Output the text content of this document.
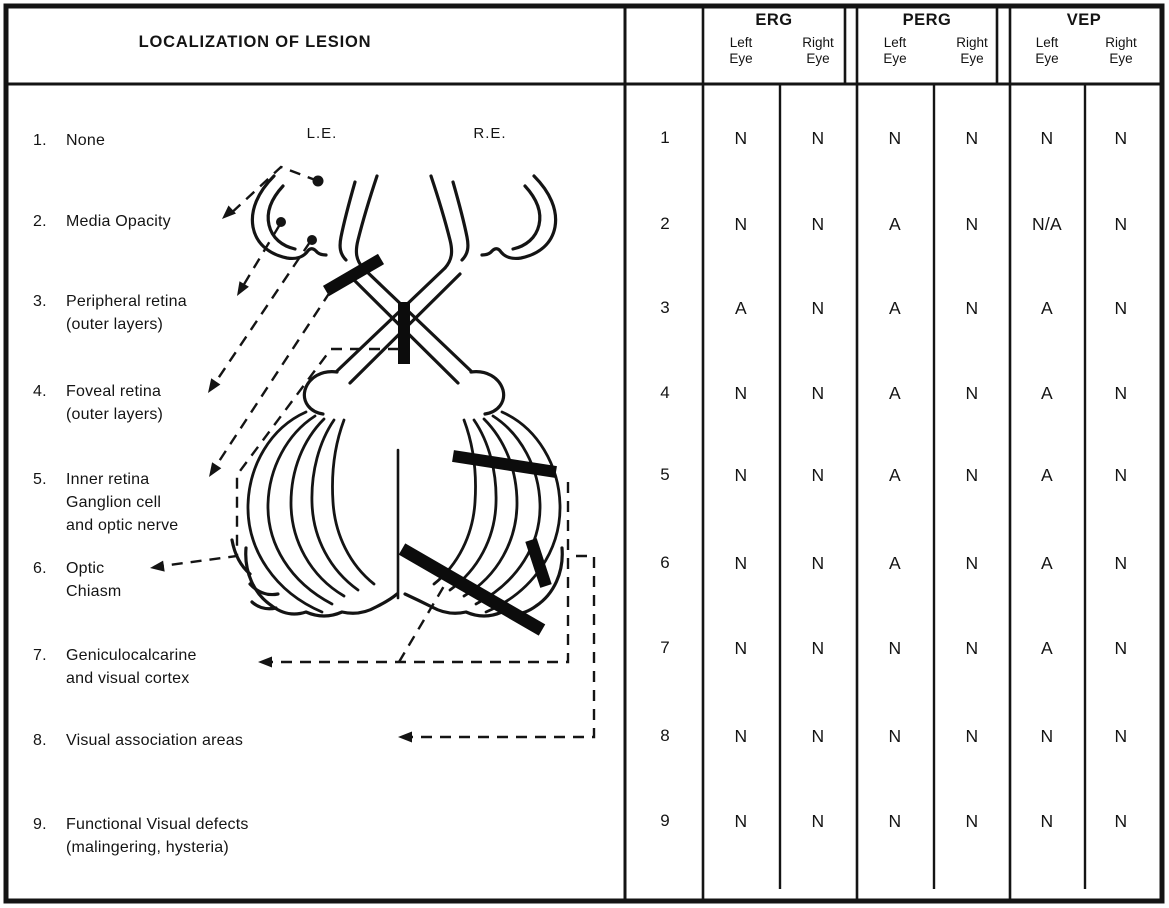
LOCALIZATION OF LESION
L.E.	R.E.
1.	None
2.	Media Opacity
3.	Peripheral retina
(outer layers)
4.	Foveal retina
(outer layers)
5.	Inner retina
Ganglion cell
and optic nerve
6.	Optic
Chiasm
7.	Geniculocalcarine
and visual cortex
8.	Visual association areas
9.	Functional Visual defects
(malingering, hysteria)
ERG	PERG	VEP
Left
Eye
Right
Eye
Left
Eye
Right
Eye
Left
Eye
Right
Eye
1	N	N	N	N	N	N
2	N	N	A	N	N/A	N
3	A	N	A	N	A	N
4	N	N	A	N	A	N
5	N	N	A	N	A	N
6	N	N	A	N	A	N
7	N	N	N	N	A	N
8	N	N	N	N	N	N
9	N	N	N	N	N	N
